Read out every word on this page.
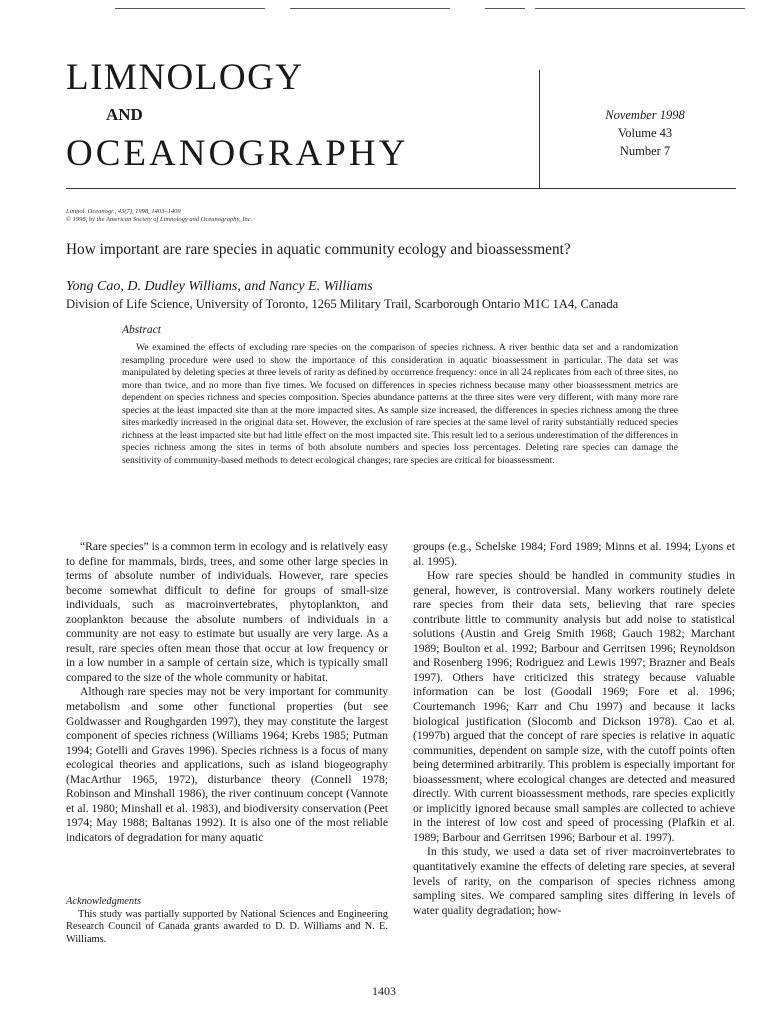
LIMNOLOGY
AND
OCEANOGRAPHY
November 1998
Volume 43
Number 7
Limnol. Oceanogr., 43(7), 1998, 1403–1409
© 1998, by the American Society of Limnology and Oceanography, Inc.
How important are rare species in aquatic community ecology and bioassessment?
Yong Cao, D. Dudley Williams, and Nancy E. Williams
Division of Life Science, University of Toronto, 1265 Military Trail, Scarborough Ontario M1C 1A4, Canada
Abstract
We examined the effects of excluding rare species on the comparison of species richness. A river benthic data set and a randomization resampling procedure were used to show the importance of this consideration in aquatic bioassessment in particular. The data set was manipulated by deleting species at three levels of rarity as defined by occurrence frequency: once in all 24 replicates from each of three sites, no more than twice, and no more than five times. We focused on differences in species richness because many other bioassessment metrics are dependent on species richness and species composition. Species abundance patterns at the three sites were very different, with many more rare species at the least impacted site than at the more impacted sites. As sample size increased, the differences in species richness among the three sites markedly increased in the original data set. However, the exclusion of rare species at the same level of rarity substantially reduced species richness at the least impacted site but had little effect on the most impacted site. This result led to a serious underestimation of the differences in species richness among the sites in terms of both absolute numbers and species loss percentages. Deleting rare species can damage the sensitivity of community-based methods to detect ecological changes; rare species are critical for bioassessment.

“Rare species” is a common term in ecology and is relatively easy to define for mammals, birds, trees, and some other large species in terms of absolute number of individuals. However, rare species become somewhat difficult to define for groups of small-size individuals, such as macroinvertebrates, phytoplankton, and zooplankton because the absolute numbers of individuals in a community are not easy to estimate but usually are very large. As a result, rare species often mean those that occur at low frequency or in a low number in a sample of certain size, which is typically small compared to the size of the whole community or habitat.

Although rare species may not be very important for community metabolism and some other functional properties (but see Goldwasser and Roughgarden 1997), they may constitute the largest component of species richness (Williams 1964; Krebs 1985; Putman 1994; Gotelli and Graves 1996). Species richness is a focus of many ecological theories and applications, such as island biogeography (MacArthur 1965, 1972), disturbance theory (Connell 1978; Robinson and Minshall 1986), the river continuum concept (Vannote et al. 1980; Minshall et al. 1983), and biodiversity conservation (Peet 1974; May 1988; Baltanas 1992). It is also one of the most reliable indicators of degradation for many aquatic

groups (e.g., Schelske 1984; Ford 1989; Minns et al. 1994; Lyons et al. 1995).

How rare species should be handled in community studies in general, however, is controversial. Many workers routinely delete rare species from their data sets, believing that rare species contribute little to community analysis but add noise to statistical solutions (Austin and Greig Smith 1968; Gauch 1982; Marchant 1989; Boulton et al. 1992; Barbour and Gerritsen 1996; Reynoldson and Rosenberg 1996; Rodriguez and Lewis 1997; Brazner and Beals 1997). Others have criticized this strategy because valuable information can be lost (Goodall 1969; Fore et al. 1996; Courtemanch 1996; Karr and Chu 1997) and because it lacks biological justification (Slocomb and Dickson 1978). Cao et al. (1997b) argued that the concept of rare species is relative in aquatic communities, dependent on sample size, with the cutoff points often being determined arbitrarily. This problem is especially important for bioassessment, where ecological changes are detected and measured directly. With current bioassessment methods, rare species explicitly or implicitly ignored because small samples are collected to achieve in the interest of low cost and speed of processing (Plafkin et al. 1989; Barbour and Gerritsen 1996; Barbour et al. 1997).

In this study, we used a data set of river macroinvertebrates to quantitatively examine the effects of deleting rare species, at several levels of rarity, on the comparison of species richness among sampling sites. We compared sampling sites differing in levels of water quality degradation; how-

Acknowledgments

This study was partially supported by National Sciences and Engineering Research Council of Canada grants awarded to D. D. Williams and N. E. Williams.

1403
